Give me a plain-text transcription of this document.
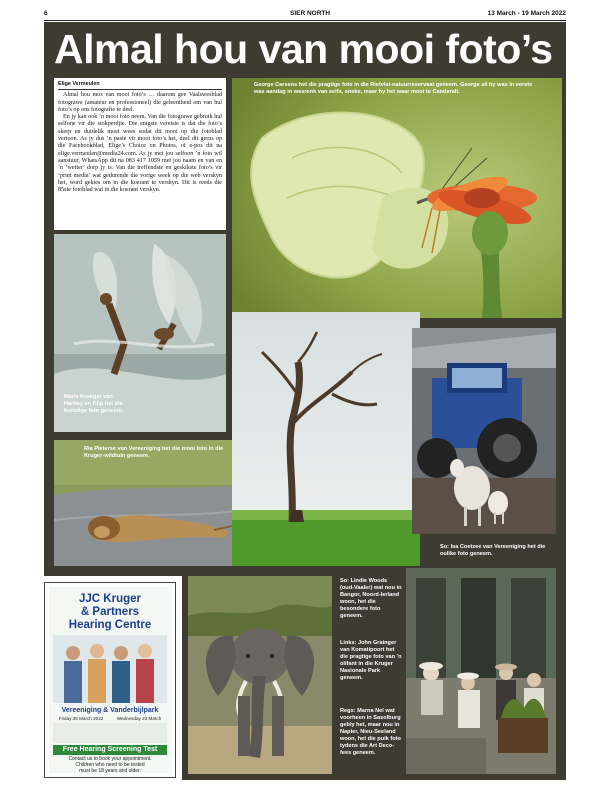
6	SIER NORTH	13 March - 19 March 2022
Almal hou van mooi foto’s
Elige Vermeulen

Almal hou mos van mooi foto’s … daarom gee Vaalswesblad fotograwe (amateur en professioneel) die geleentheid om van hul foto’s op ons fotografie te deel.

En jy kan ook ’n mooi foto neem. Van die fotograwe gebruik hul selfone vir die stokperdjie. Die enigste vereiste is dat die foto’s skerp en duidelik moet wees sodat dit mooi op die fotoblad vertoon. As jy dus ’n pasie vir mooi foto’s het, deel dit gerus op die Facebookblad, Elige’s Choice on Photos, of e-pos dit na elige.vermeulen@media24.com. As jy met jou selfoon ’n foto wil aanstuur, WhatsApp dit na 083 417 1059 met jou naam en van en ’n ‘wetter’ dorp jy is. Van die treffendste en geskikste foto’s vir ‘print media’ wat gedurende die vorige week op die web verskyn het, word gekies om in die koerant te verskyn. Dit is reeds die 85ste fotoblad wat in die koerant verskyn.

George Carsens het die pragtige foto in die Rietvlei-natuurreservaat geneem. George sê hy was in eerste was aandag in wesrenk van selfs, soeke, maar hy het waar mooi te Canderalt.
Marie Kroeger van Hartley en Klip het die kunstige foto geneem.
Ria Pieterse van Vereeniging het die mooi foto in die Kruger-wildtuin geneem.
So: Isa Coetzee van Vereeniging het die oulike foto geneem.
So: Lindie Woods (oud-Vaaler) wat nou in Bangor, Noord-Ierland woon, het die besondere foto geneem.
Links: John Grainger van Komatipoort het die pragtige foto van ’n olifant in die Kruger Nasionale Park geneem.
Regs: Marna Nel wat voorheen in Sasolburg gebly het, maar nou in Napier, Nieu-Seeland woon, het die puik foto tydens die Art Deco-fees geneem.
JJC Kruger
& Partners
Hearing Centre
Vereeniging & Vanderbijlpark
Friday 25 March 2022	Wednesday 23 March
Free Hearing Screening Test
Contact us to book your appointment.
Children who need to be tested
must be 18 years and older.
